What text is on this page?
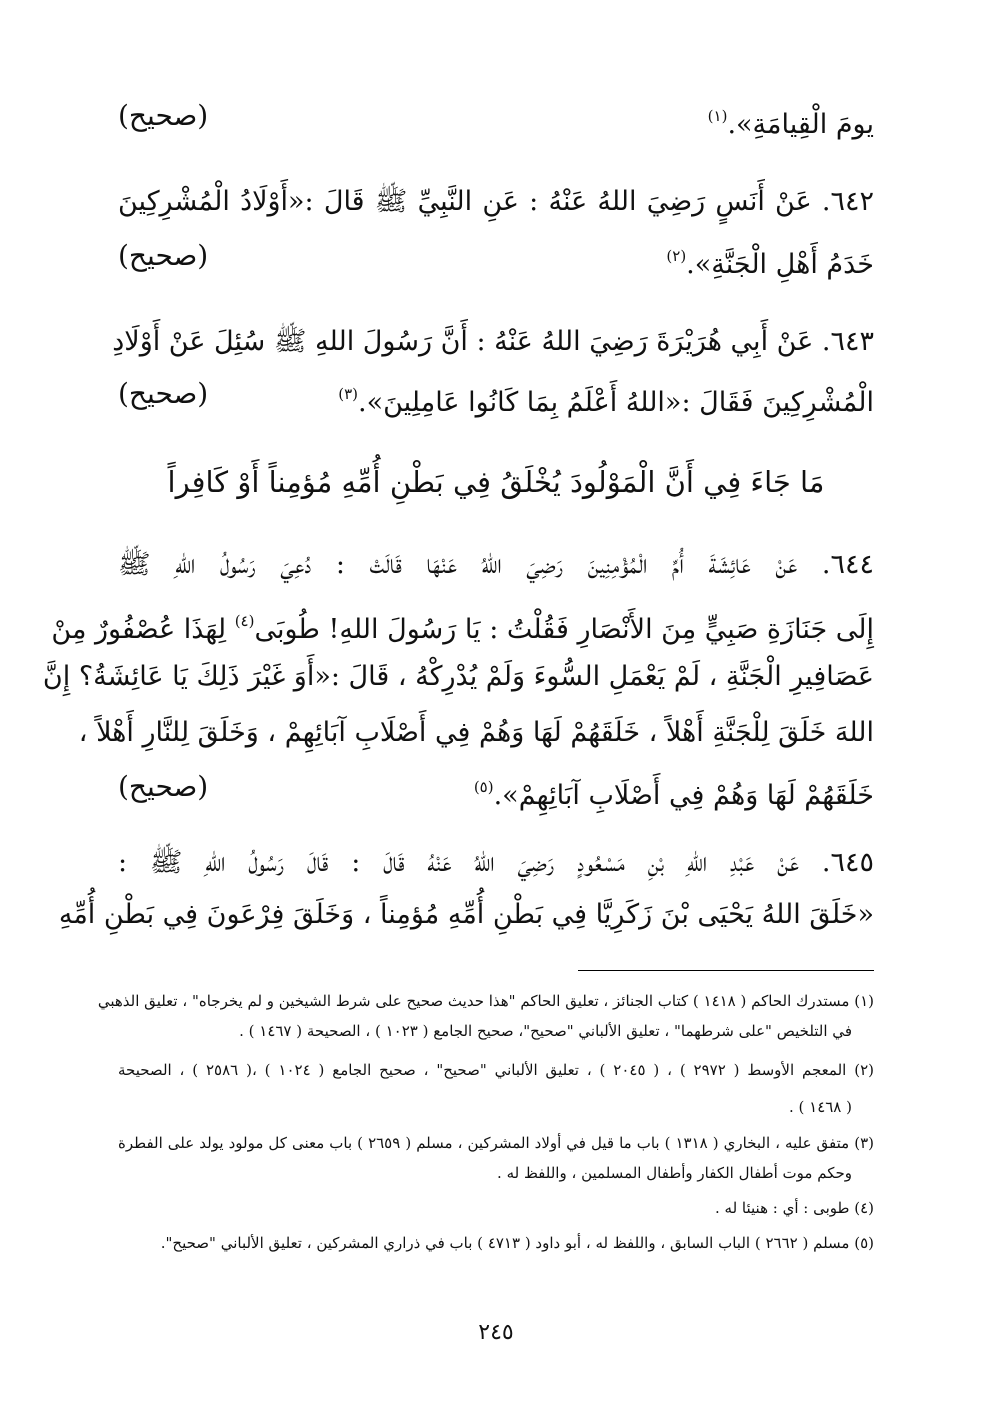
يومَ الْقِيامَةِ».$^{(١)}$
(صحيح)
٦٤٢. عَنْ أَنَسٍ رَضِيَ اللهُ عَنْهُ : عَنِ النَّبِيِّ ﷺ قَالَ :«أَوْلَادُ الْمُشْرِكِينَ
خَدَمُ أَهْلِ الْجَنَّةِ».$^{(٢)}$
(صحيح)
٦٤٣. عَنْ أَبِي هُرَيْرَةَ رَضِيَ اللهُ عَنْهُ : أَنَّ رَسُولَ اللهِ ﷺ سُئِلَ عَنْ أَوْلَادِ
الْمُشْرِكِينَ فَقَالَ :«اللهُ أَعْلَمُ بِمَا كَانُوا عَامِلِينَ».$^{(٣)}$
(صحيح)
مَا جَاءَ فِي أَنَّ الْمَوْلُودَ يُخْلَقُ فِي بَطْنِ أُمِّهِ مُؤمِناً أَوْ كَافِراً
٦٤٤. عَنْ عَائِشَةَ أُمِّ الْمُؤْمِنِينَ رَضِيَ اللهُ عَنْهَا قَالَتْ : دُعِيَ رَسُولُ اللهِ ﷺ
إِلَى جَنَازَةِ صَبِيٍّ مِنَ الأَنْصَارِ فَقُلْتُ : يَا رَسُولَ اللهِ! طُوبَى$^{(٤)}$ لِهَذَا عُصْفُورٌ مِنْ
عَصَافِيرِ الْجَنَّةِ ، لَمْ يَعْمَلِ السُّوءَ وَلَمْ يُدْرِكْهُ ، قَالَ :«أَوَ غَيْرَ ذَلِكَ يَا عَائِشَةُ؟ إِنَّ
اللهَ خَلَقَ لِلْجَنَّةِ أَهْلاً ، خَلَقَهُمْ لَهَا وَهُمْ فِي أَصْلَابِ آبَائِهِمْ ، وَخَلَقَ لِلنَّارِ أَهْلاً ،
خَلَقَهُمْ لَهَا وَهُمْ فِي أَصْلَابِ آبَائِهِمْ».$^{(٥)}$
(صحيح)
٦٤٥. عَنْ عَبْدِ اللهِ بْنِ مَسْعُودٍ رَضِيَ اللهُ عَنْهُ قَالَ : قَالَ رَسُولُ اللهِ ﷺ :
«خَلَقَ اللهُ يَحْيَى بْنَ زَكَرِيَّا فِي بَطْنِ أُمِّهِ مُؤمِناً ، وَخَلَقَ فِرْعَونَ فِي بَطْنِ أُمِّهِ
(١) مستدرك الحاكم ( ١٤١٨ ) كتاب الجنائز ، تعليق الحاكم "هذا حديث صحيح على شرط الشيخين و لم يخرجاه" ، تعليق الذهبي
في التلخيص "على شرطهما" ، تعليق الألباني "صحيح"، صحيح الجامع ( ١٠٢٣ ) ، الصحيحة ( ١٤٦٧ ) .
(٢) المعجم الأوسط ( ٢٩٧٢ ) ، ( ٢٠٤٥ ) ، تعليق الألباني "صحيح" ، صحيح الجامع ( ١٠٢٤ ) ،( ٢٥٨٦ ) ، الصحيحة
( ١٤٦٨ ) .
(٣) متفق عليه ، البخاري ( ١٣١٨ ) باب ما قيل في أولاد المشركين ، مسلم ( ٢٦٥٩ ) باب معنى كل مولود يولد على الفطرة
وحكم موت أطفال الكفار وأطفال المسلمين ، واللفظ له .
(٤) طوبى : أي : هنيئا له .
(٥) مسلم ( ٢٦٦٢ ) الباب السابق ، واللفظ له ، أبو داود ( ٤٧١٣ ) باب في ذراري المشركين ، تعليق الألباني "صحيح".
٢٤٥
